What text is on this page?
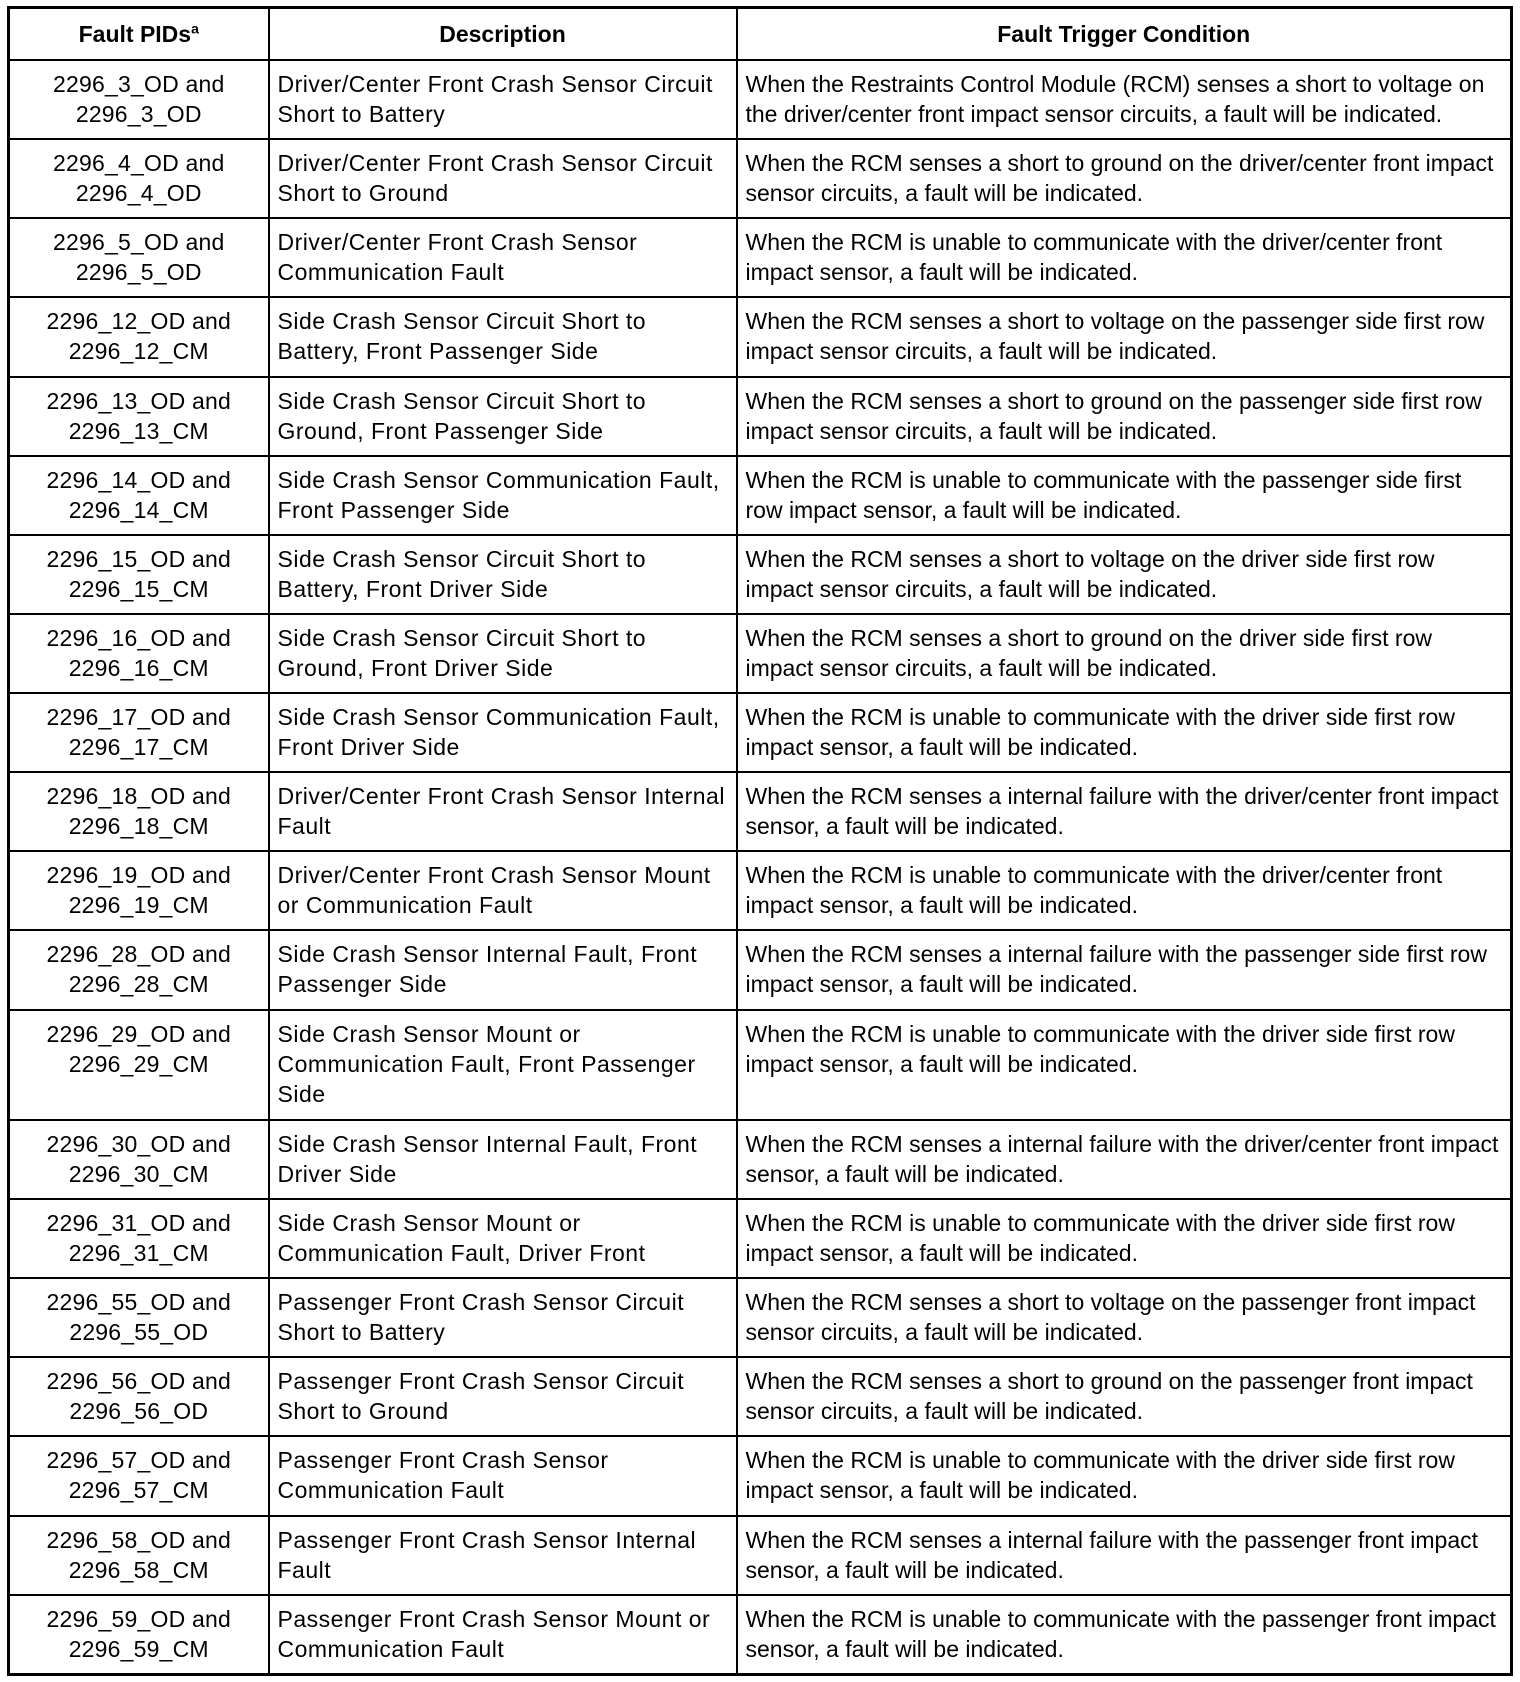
Fault PIDs$^a$	Description	Fault Trigger Condition

2296_3_OD and
2296_3_OD	Driver/Center Front Crash Sensor Circuit Short to Battery	When the Restraints Control Module (RCM) senses a short to voltage on the driver/center front impact sensor circuits, a fault will be indicated.

2296_4_OD and
2296_4_OD	Driver/Center Front Crash Sensor Circuit Short to Ground	When the RCM senses a short to ground on the driver/center front impact sensor circuits, a fault will be indicated.

2296_5_OD and
2296_5_OD	Driver/Center Front Crash Sensor Communication Fault	When the RCM is unable to communicate with the driver/center front impact sensor, a fault will be indicated.

2296_12_OD and
2296_12_CM	Side Crash Sensor Circuit Short to Battery, Front Passenger Side	When the RCM senses a short to voltage on the passenger side first row impact sensor circuits, a fault will be indicated.

2296_13_OD and
2296_13_CM	Side Crash Sensor Circuit Short to Ground, Front Passenger Side	When the RCM senses a short to ground on the passenger side first row impact sensor circuits, a fault will be indicated.

2296_14_OD and
2296_14_CM	Side Crash Sensor Communication Fault, Front Passenger Side	When the RCM is unable to communicate with the passenger side first row impact sensor, a fault will be indicated.

2296_15_OD and
2296_15_CM	Side Crash Sensor Circuit Short to Battery, Front Driver Side	When the RCM senses a short to voltage on the driver side first row impact sensor circuits, a fault will be indicated.

2296_16_OD and
2296_16_CM	Side Crash Sensor Circuit Short to Ground, Front Driver Side	When the RCM senses a short to ground on the driver side first row impact sensor circuits, a fault will be indicated.

2296_17_OD and
2296_17_CM	Side Crash Sensor Communication Fault, Front Driver Side	When the RCM is unable to communicate with the driver side first row impact sensor, a fault will be indicated.

2296_18_OD and
2296_18_CM	Driver/Center Front Crash Sensor Internal Fault	When the RCM senses a internal failure with the driver/center front impact sensor, a fault will be indicated.

2296_19_OD and
2296_19_CM	Driver/Center Front Crash Sensor Mount or Communication Fault	When the RCM is unable to communicate with the driver/center front impact sensor, a fault will be indicated.

2296_28_OD and
2296_28_CM	Side Crash Sensor Internal Fault, Front Passenger Side	When the RCM senses a internal failure with the passenger side first row impact sensor, a fault will be indicated.

2296_29_OD and
2296_29_CM	Side Crash Sensor Mount or Communication Fault, Front Passenger Side	When the RCM is unable to communicate with the driver side first row impact sensor, a fault will be indicated.

2296_30_OD and
2296_30_CM	Side Crash Sensor Internal Fault, Front Driver Side	When the RCM senses a internal failure with the driver/center front impact sensor, a fault will be indicated.

2296_31_OD and
2296_31_CM	Side Crash Sensor Mount or Communication Fault, Driver Front	When the RCM is unable to communicate with the driver side first row impact sensor, a fault will be indicated.

2296_55_OD and
2296_55_OD	Passenger Front Crash Sensor Circuit Short to Battery	When the RCM senses a short to voltage on the passenger front impact sensor circuits, a fault will be indicated.

2296_56_OD and
2296_56_OD	Passenger Front Crash Sensor Circuit Short to Ground	When the RCM senses a short to ground on the passenger front impact sensor circuits, a fault will be indicated.

2296_57_OD and
2296_57_CM	Passenger Front Crash Sensor Communication Fault	When the RCM is unable to communicate with the driver side first row impact sensor, a fault will be indicated.

2296_58_OD and
2296_58_CM	Passenger Front Crash Sensor Internal Fault	When the RCM senses a internal failure with the passenger front impact sensor, a fault will be indicated.

2296_59_OD and
2296_59_CM	Passenger Front Crash Sensor Mount or Communication Fault	When the RCM is unable to communicate with the passenger front impact sensor, a fault will be indicated.
